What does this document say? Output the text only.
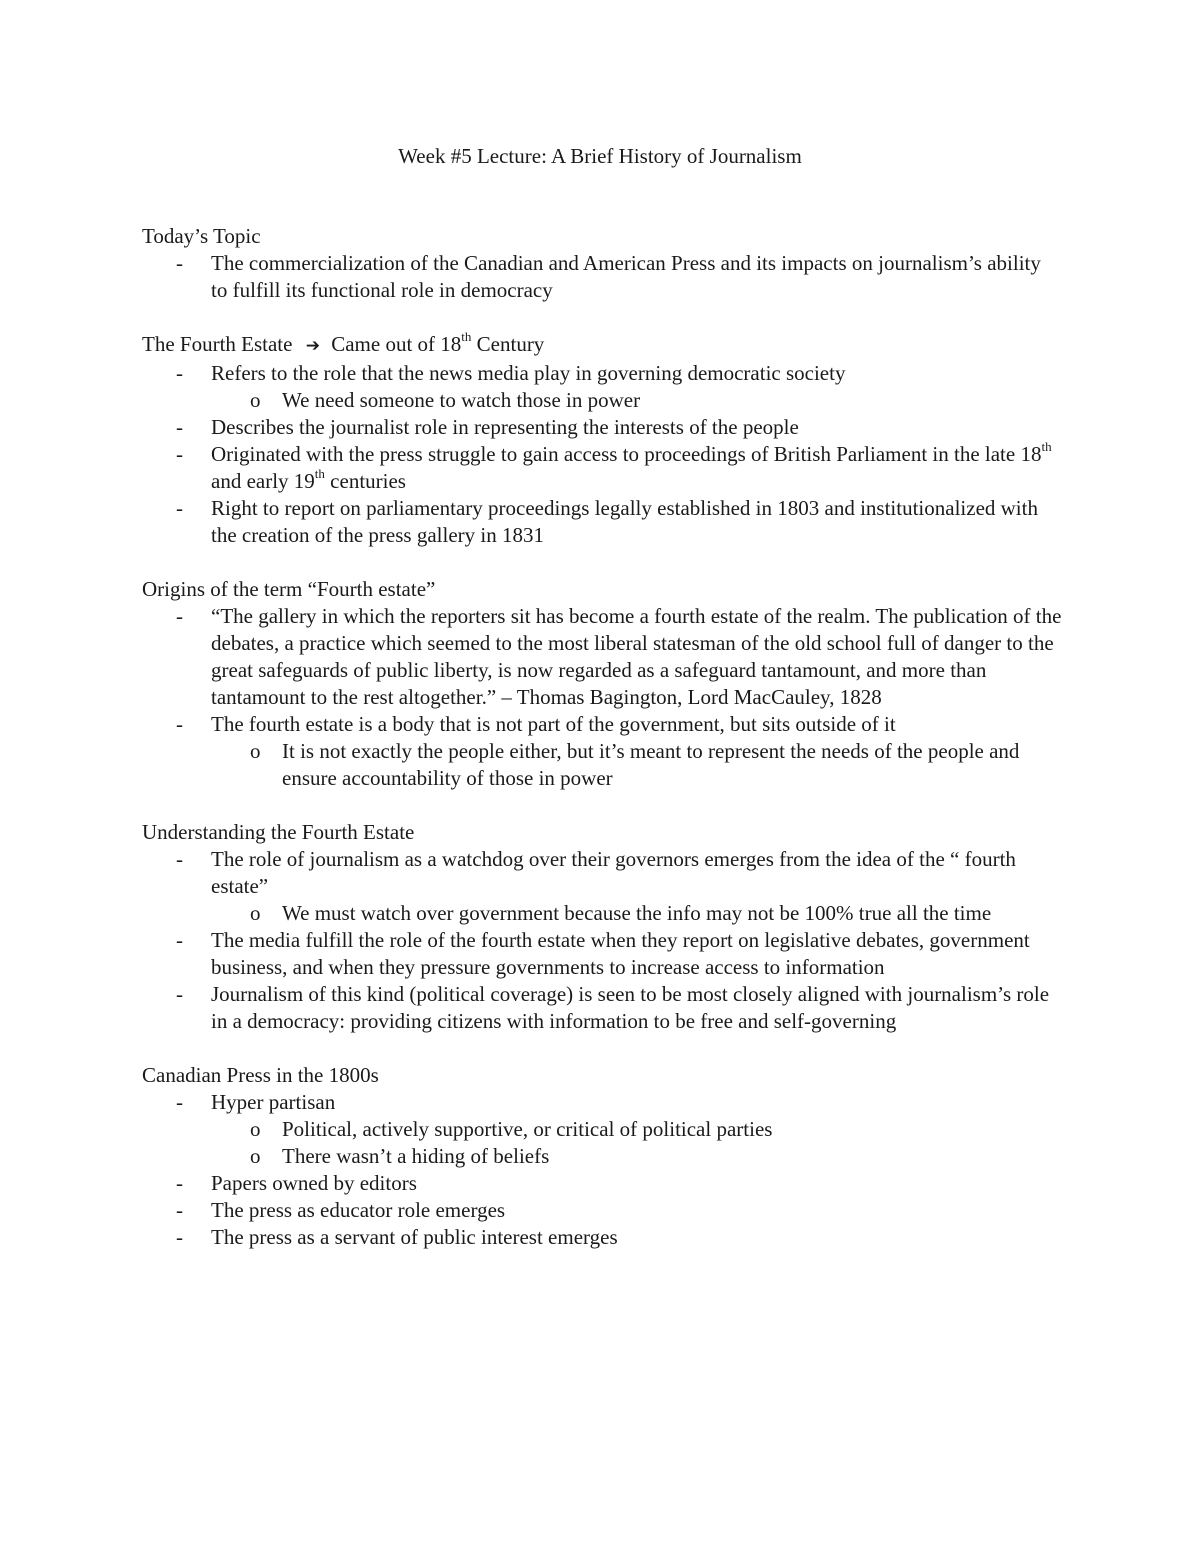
Week #5 Lecture: A Brief History of Journalism
Today’s Topic
- The commercialization of the Canadian and American Press and its impacts on journalism’s ability to fulfill its functional role in democracy
The Fourth Estate ➔ Came out of 18th Century
- Refers to the role that the news media play in governing democratic society
o We need someone to watch those in power
- Describes the journalist role in representing the interests of the people
- Originated with the press struggle to gain access to proceedings of British Parliament in the late 18th and early 19th centuries
- Right to report on parliamentary proceedings legally established in 1803 and institutionalized with the creation of the press gallery in 1831
Origins of the term “Fourth estate”
- “The gallery in which the reporters sit has become a fourth estate of the realm. The publication of the debates, a practice which seemed to the most liberal statesman of the old school full of danger to the great safeguards of public liberty, is now regarded as a safeguard tantamount, and more than tantamount to the rest altogether.” – Thomas Bagington, Lord MacCauley, 1828
- The fourth estate is a body that is not part of the government, but sits outside of it
o It is not exactly the people either, but it’s meant to represent the needs of the people and ensure accountability of those in power
Understanding the Fourth Estate
- The role of journalism as a watchdog over their governors emerges from the idea of the “ fourth estate”
o We must watch over government because the info may not be 100% true all the time
- The media fulfill the role of the fourth estate when they report on legislative debates, government business, and when they pressure governments to increase access to information
- Journalism of this kind (political coverage) is seen to be most closely aligned with journalism’s role in a democracy: providing citizens with information to be free and self-governing
Canadian Press in the 1800s
- Hyper partisan
o Political, actively supportive, or critical of political parties
o There wasn’t a hiding of beliefs
- Papers owned by editors
- The press as educator role emerges
- The press as a servant of public interest emerges
